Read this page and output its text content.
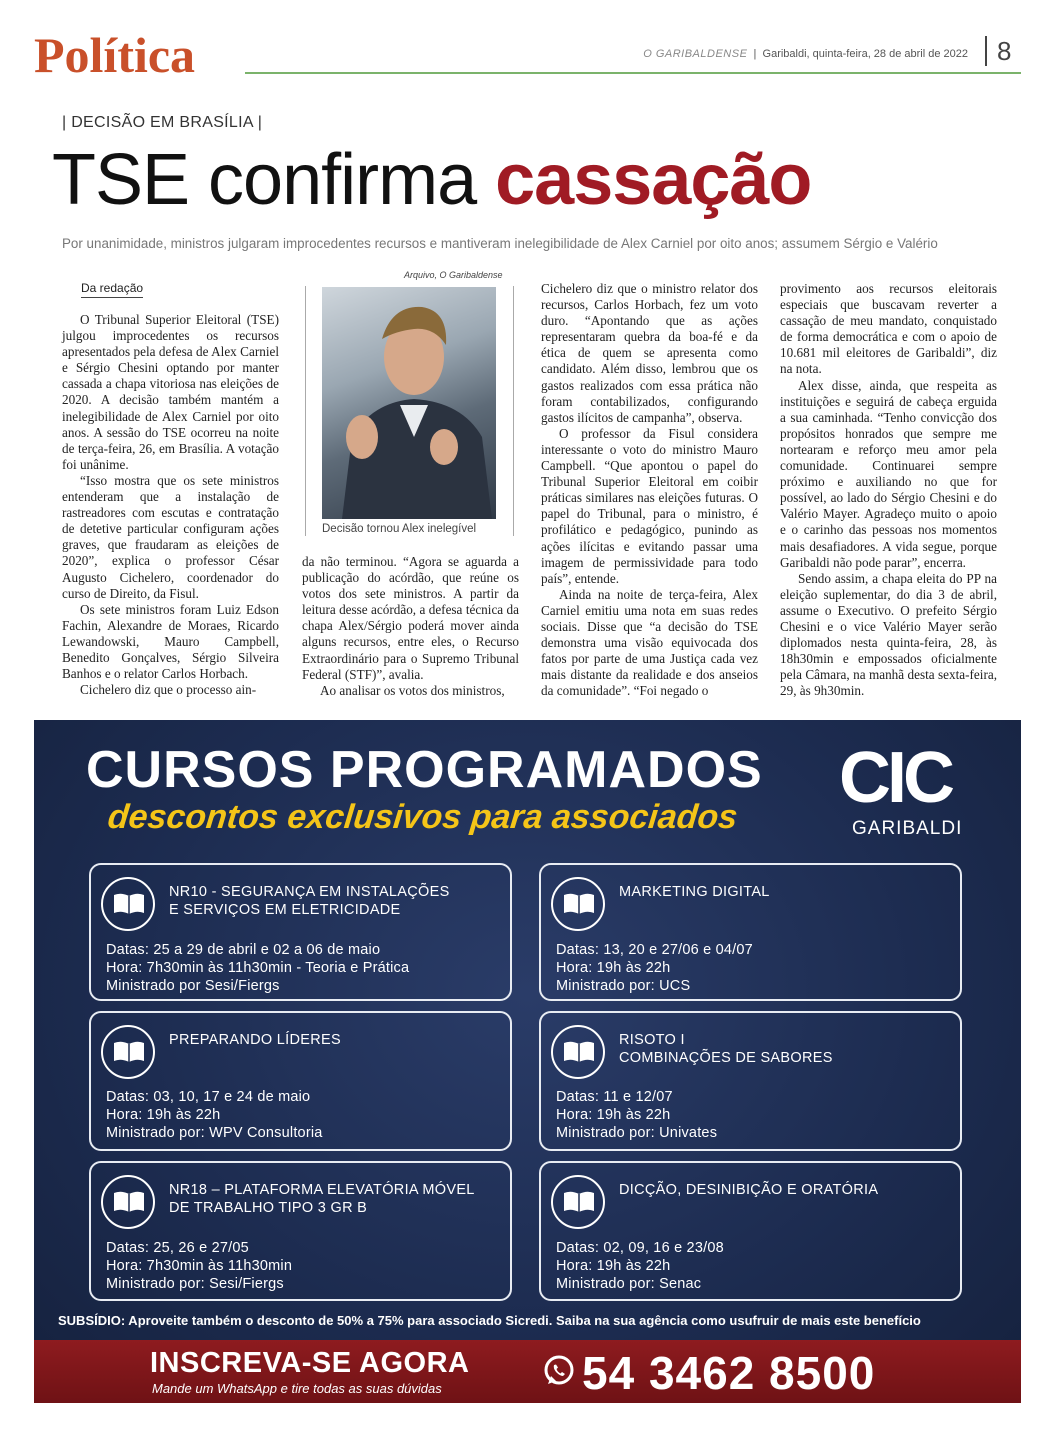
Política	O GARIBALDENSE | Garibaldi, quinta-feira, 28 de abril de 2022	8
| DECISÃO EM BRASÍLIA |
TSE confirma cassação
Por unanimidade, ministros julgaram improcedentes recursos e mantiveram inelegibilidade de Alex Carniel por oito anos; assumem Sérgio e Valério
Da redação

O Tribunal Superior Eleitoral (TSE) julgou improcedentes os recursos apresentados pela defesa de Alex Carniel e Sérgio Chesini optando por manter cassada a chapa vitoriosa nas eleições de 2020. A decisão também mantém a inelegibilidade de Alex Carniel por oito anos. A sessão do TSE ocorreu na noite de terça-feira, 26, em Brasília. A votação foi unânime.

“Isso mostra que os sete ministros entenderam que a instalação de rastreadores com escutas e contratação de detetive particular configuram ações graves, que fraudaram as eleições de 2020”, explica o professor César Augusto Cichelero, coordenador do curso de Direito, da Fisul.

Os sete ministros foram Luiz Edson Fachin, Alexandre de Moraes, Ricardo Lewandowski, Mauro Campbell, Benedito Gonçalves, Sérgio Silveira Banhos e o relator Carlos Horbach.

Cichelero diz que o processo ain-

Arquivo, O Garibaldense
Decisão tornou Alex inelegível

da não terminou. “Agora se aguarda a publicação do acórdão, que reúne os votos dos sete ministros. A partir da leitura desse acórdão, a defesa técnica da chapa Alex/Sérgio poderá mover ainda alguns recursos, entre eles, o Recurso Extraordinário para o Supremo Tribunal Federal (STF)”, avalia.

Ao analisar os votos dos ministros,

Cichelero diz que o ministro relator dos recursos, Carlos Horbach, fez um voto duro. “Apontando que as ações representaram quebra da boa-fé e da ética de quem se apresenta como candidato. Além disso, lembrou que os gastos realizados com essa prática não foram contabilizados, configurando gastos ilícitos de campanha”, observa.

O professor da Fisul considera interessante o voto do ministro Mauro Campbell. “Que apontou o papel do Tribunal Superior Eleitoral em coibir práticas similares nas eleições futuras. O papel do Tribunal, para o ministro, é profilático e pedagógico, punindo as ações ilícitas e evitando passar uma imagem de permissividade para todo país”, entende.

Ainda na noite de terça-feira, Alex Carniel emitiu uma nota em suas redes sociais. Disse que “a decisão do TSE demonstra uma visão equivocada dos fatos por parte de uma Justiça cada vez mais distante da realidade e dos anseios da comunidade”. “Foi negado o

provimento aos recursos eleitorais especiais que buscavam reverter a cassação de meu mandato, conquistado de forma democrática e com o apoio de 10.681 mil eleitores de Garibaldi”, diz na nota.

Alex disse, ainda, que respeita as instituições e seguirá de cabeça erguida a sua caminhada. “Tenho convicção dos propósitos honrados que sempre me nortearam e reforço meu amor pela comunidade. Continuarei sempre próximo e auxiliando no que for possível, ao lado do Sérgio Chesini e do Valério Mayer. Agradeço muito o apoio e o carinho das pessoas nos momentos mais desafiadores. A vida segue, porque Garibaldi não pode parar”, encerra.

Sendo assim, a chapa eleita do PP na eleição suplementar, do dia 3 de abril, assume o Executivo. O prefeito Sérgio Chesini e o vice Valério Mayer serão diplomados nesta quinta-feira, 28, às 18h30min e empossados oficialmente pela Câmara, na manhã desta sexta-feira, 29, às 9h30min.

CURSOS PROGRAMADOS
descontos exclusivos para associados CIC
GARIBALDI
NR10 - SEGURANÇA EM INSTALAÇÕES
E SERVIÇOS EM ELETRICIDADE
Datas: 25 a 29 de abril e 02 a 06 de maio
Hora: 7h30min às 11h30min - Teoria e Prática
Ministrado por Sesi/Fiergs
MARKETING DIGITAL
Datas: 13, 20 e 27/06 e 04/07
Hora: 19h às 22h
Ministrado por: UCS
PREPARANDO LÍDERES
Datas: 03, 10, 17 e 24 de maio
Hora: 19h às 22h
Ministrado por: WPV Consultoria
RISOTO I
COMBINAÇÕES DE SABORES
Datas: 11 e 12/07
Hora: 19h às 22h
Ministrado por: Univates
NR18 – PLATAFORMA ELEVATÓRIA MÓVEL
DE TRABALHO TIPO 3 GR B
Datas: 25, 26 e 27/05
Hora: 7h30min às 11h30min
Ministrado por: Sesi/Fiergs
DICÇÃO, DESINIBIÇÃO E ORATÓRIA
Datas: 02, 09, 16 e 23/08
Hora: 19h às 22h
Ministrado por: Senac
SUBSÍDIO: Aproveite também o desconto de 50% a 75% para associado Sicredi. Saiba na sua agência como usufruir de mais este benefício
INSCREVA-SE AGORA
Mande um WhatsApp e tire todas as suas dúvidas	54 3462 8500
